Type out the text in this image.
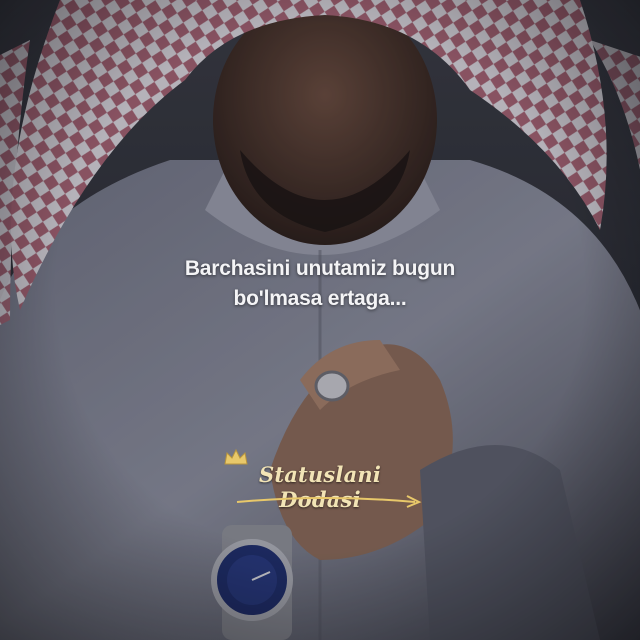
Barchasini unutamiz bugun
bo'lmasa ertaga...
Statuslani Dodasi
